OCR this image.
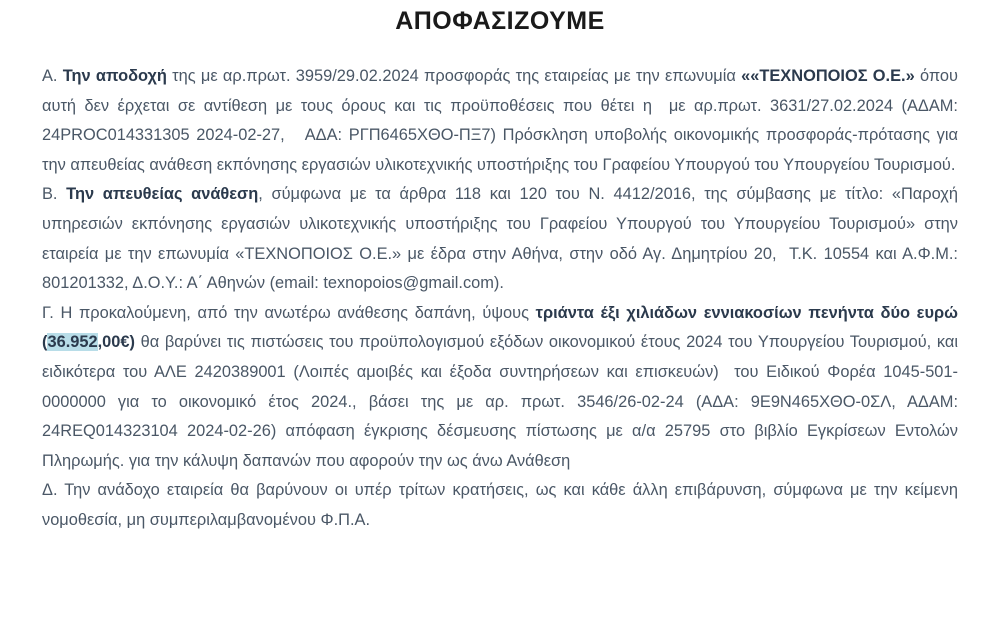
ΑΠΟΦΑΣΙΖΟΥΜΕ

Α. Την αποδοχή της με αρ.πρωτ. 3959/29.02.2024 προσφοράς της εταιρείας με την επωνυμία ««ΤΕΧΝΟΠΟΙΟΣ Ο.Ε.» όπου αυτή δεν έρχεται σε αντίθεση με τους όρους και τις προϋποθέσεις που θέτει η  με αρ.πρωτ. 3631/27.02.2024 (ΑΔΑΜ: 24PROC014331305 2024-02-27,   ΑΔΑ: ΡΓΠ6465ΧΘΟ-ΠΞ7) Πρόσκληση υποβολής οικονομικής προσφοράς-πρότασης για την απευθείας ανάθεση εκπόνησης εργασιών υλικοτεχνικής υποστήριξης του Γραφείου Υπουργού του Υπουργείου Τουρισμού.

Β. Την απευθείας ανάθεση, σύμφωνα με τα άρθρα 118 και 120 του Ν. 4412/2016, της σύμβασης με τίτλο: «Παροχή υπηρεσιών εκπόνησης εργασιών υλικοτεχνικής υποστήριξης του Γραφείου Υπουργού του Υπουργείου Τουρισμού» στην εταιρεία με την επωνυμία «ΤΕΧΝΟΠΟΙΟΣ Ο.Ε.» με έδρα στην Αθήνα, στην οδό Αγ. Δημητρίου 20,  Τ.Κ. 10554 και Α.Φ.Μ.: 801201332, Δ.Ο.Υ.: Α΄ Αθηνών (email: texnopoios@gmail.com).

Γ. Η προκαλούμενη, από την ανωτέρω ανάθεσης δαπάνη, ύψους τριάντα έξι χιλιάδων εννιακοσίων πενήντα δύο ευρώ (36.952,00€) θα βαρύνει τις πιστώσεις του προϋπολογισμού εξόδων οικονομικού έτους 2024 του Υπουργείου Τουρισμού, και ειδικότερα του ΑΛΕ 2420389001 (Λοιπές αμοιβές και έξοδα συντηρήσεων και επισκευών)  του Ειδικού Φορέα 1045-501-0000000 για το οικονομικό έτος 2024., βάσει της με αρ. πρωτ. 3546/26-02-24 (ΑΔΑ: 9Ε9Ν465ΧΘΟ-0ΣΛ, ΑΔΑΜ: 24REQ014323104 2024-02-26) απόφαση έγκρισης δέσμευσης πίστωσης με α/α 25795 στο βιβλίο Εγκρίσεων Εντολών Πληρωμής. για την κάλυψη δαπανών που αφορούν την ως άνω Ανάθεση

Δ. Την ανάδοχο εταιρεία θα βαρύνουν οι υπέρ τρίτων κρατήσεις, ως και κάθε άλλη επιβάρυνση, σύμφωνα με την κείμενη νομοθεσία, μη συμπεριλαμβανομένου Φ.Π.Α.
